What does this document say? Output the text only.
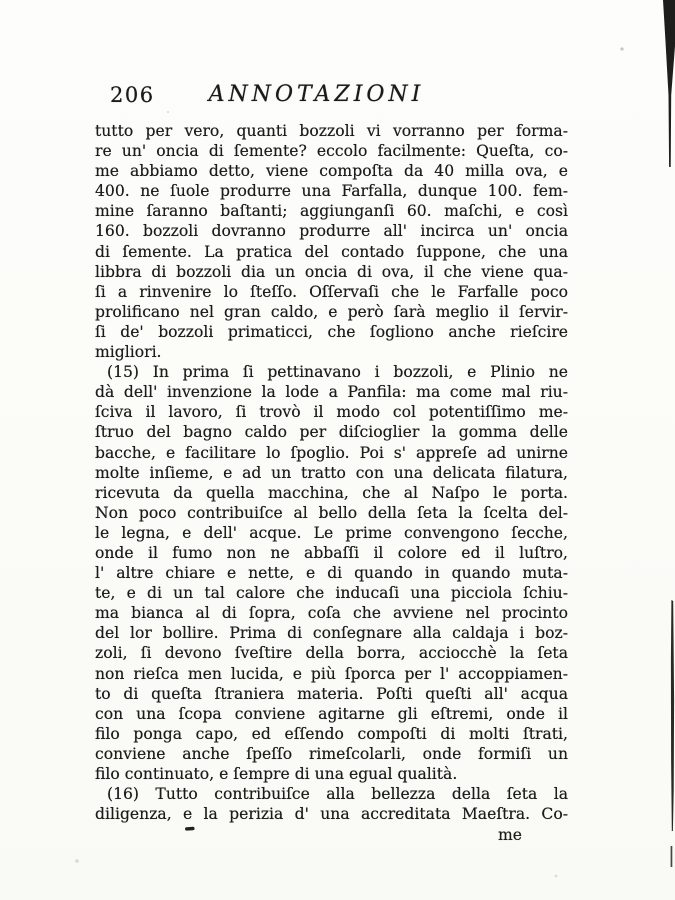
206	ANNOTAZIONI
tutto per vero, quanti bozzoli vi vorranno per forma-
re un' oncia di ſemente? eccolo facilmente: Queſta, co-
me abbiamo detto, viene compoſta da 40 milla ova, e
400. ne ſuole produrre una Farfalla, dunque 100. fem-
mine ſaranno baſtanti; aggiunganſi 60. maſchi, e così
160. bozzoli dovranno produrre all' incirca un' oncia
di ſemente. La pratica del contado ſuppone, che una
libbra di bozzoli dia un oncia di ova, il che viene qua-
ſi a rinvenire lo ſteſſo. Oſſervaſi che le Farfalle poco
prolificano nel gran caldo, e però ſarà meglio il ſervir-
ſi de' bozzoli primaticci, che ſogliono anche rieſcire
migliori.
(15) In prima ſi pettinavano i bozzoli, e Plinio ne
dà dell' invenzione la lode a Panfila: ma come mal riu-
ſciva il lavoro, ſi trovò il modo col potentiſſimo me-
ſtruo del bagno caldo per diſcioglier la gomma delle
bacche, e facilitare lo ſpoglio. Poi s' appreſe ad unirne
molte inſieme, e ad un tratto con una delicata filatura,
ricevuta da quella macchina, che al Naſpo le porta.
Non poco contribuiſce al bello della ſeta la ſcelta del-
le legna, e dell' acque. Le prime convengono ſecche,
onde il fumo non ne abbaſſi il colore ed il luſtro,
l' altre chiare e nette, e di quando in quando muta-
te, e di un tal calore che inducaſi una picciola ſchiu-
ma bianca al di ſopra, coſa che avviene nel procinto
del lor bollire. Prima di conſegnare alla caldaja i boz-
zoli, ſi devono ſveſtire della borra, acciocchè la ſeta
non rieſca men lucida, e più ſporca per l' accoppiamen-
to di queſta ſtraniera materia. Poſti queſti all' acqua
con una ſcopa conviene agitarne gli eſtremi, onde il
filo ponga capo, ed eſſendo compoſti di molti ſtrati,
conviene anche ſpeſſo rimeſcolarli, onde formiſi un
filo continuato, e ſempre di una egual qualità.
(16) Tutto contribuiſce alla bellezza della ſeta la
diligenza, e la perizia d' una accreditata Maeſtra. Co-
me
